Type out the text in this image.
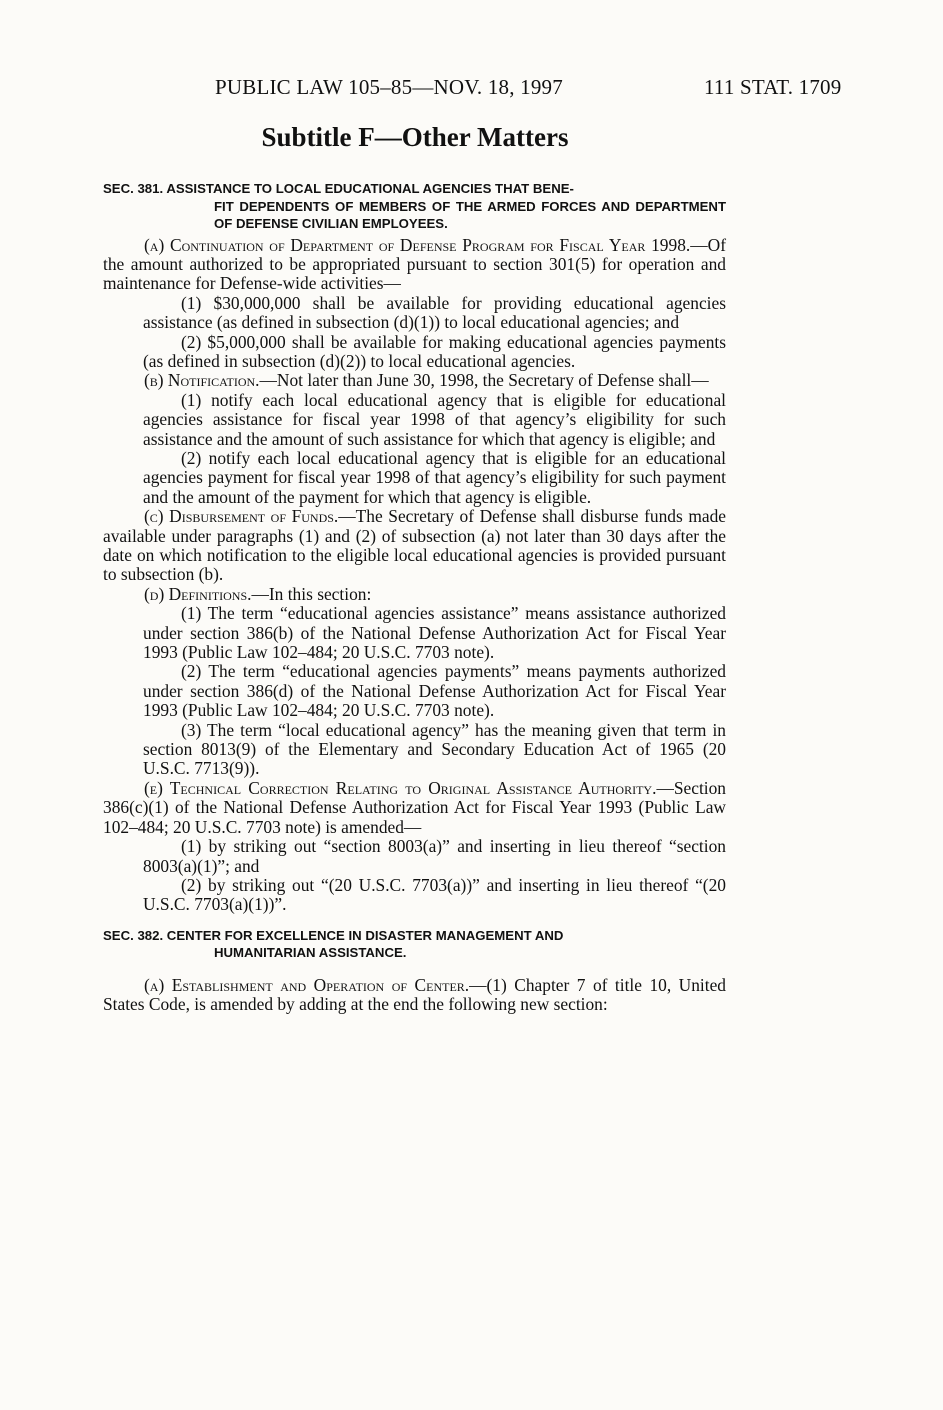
PUBLIC LAW 105–85—NOV. 18, 1997	111 STAT. 1709
Subtitle F—Other Matters
SEC. 381. ASSISTANCE TO LOCAL EDUCATIONAL AGENCIES THAT BENE-
FIT DEPENDENTS OF MEMBERS OF THE ARMED FORCES AND DEPARTMENT OF DEFENSE CIVILIAN EMPLOYEES.

(a) Continuation of Department of Defense Program for Fiscal Year 1998.—Of the amount authorized to be appropriated pursuant to section 301(5) for operation and maintenance for Defense-wide activities—

(1) $30,000,000 shall be available for providing educational agencies assistance (as defined in subsection (d)(1)) to local educational agencies; and

(2) $5,000,000 shall be available for making educational agencies payments (as defined in subsection (d)(2)) to local educational agencies.

(b) Notification.—Not later than June 30, 1998, the Secretary of Defense shall—

(1) notify each local educational agency that is eligible for educational agencies assistance for fiscal year 1998 of that agency’s eligibility for such assistance and the amount of such assistance for which that agency is eligible; and

(2) notify each local educational agency that is eligible for an educational agencies payment for fiscal year 1998 of that agency’s eligibility for such payment and the amount of the payment for which that agency is eligible.

(c) Disbursement of Funds.—The Secretary of Defense shall disburse funds made available under paragraphs (1) and (2) of subsection (a) not later than 30 days after the date on which notification to the eligible local educational agencies is provided pursuant to subsection (b).

(d) Definitions.—In this section:

(1) The term “educational agencies assistance” means assistance authorized under section 386(b) of the National Defense Authorization Act for Fiscal Year 1993 (Public Law 102–484; 20 U.S.C. 7703 note).

(2) The term “educational agencies payments” means payments authorized under section 386(d) of the National Defense Authorization Act for Fiscal Year 1993 (Public Law 102–484; 20 U.S.C. 7703 note).

(3) The term “local educational agency” has the meaning given that term in section 8013(9) of the Elementary and Secondary Education Act of 1965 (20 U.S.C. 7713(9)).

(e) Technical Correction Relating to Original Assistance Authority.—Section 386(c)(1) of the National Defense Authorization Act for Fiscal Year 1993 (Public Law 102–484; 20 U.S.C. 7703 note) is amended—

(1) by striking out “section 8003(a)” and inserting in lieu thereof “section 8003(a)(1)”; and

(2) by striking out “(20 U.S.C. 7703(a))” and inserting in lieu thereof “(20 U.S.C. 7703(a)(1))”.

SEC. 382. CENTER FOR EXCELLENCE IN DISASTER MANAGEMENT AND
HUMANITARIAN ASSISTANCE.

(a) Establishment and Operation of Center.—(1) Chapter 7 of title 10, United States Code, is amended by adding at the end the following new section:
